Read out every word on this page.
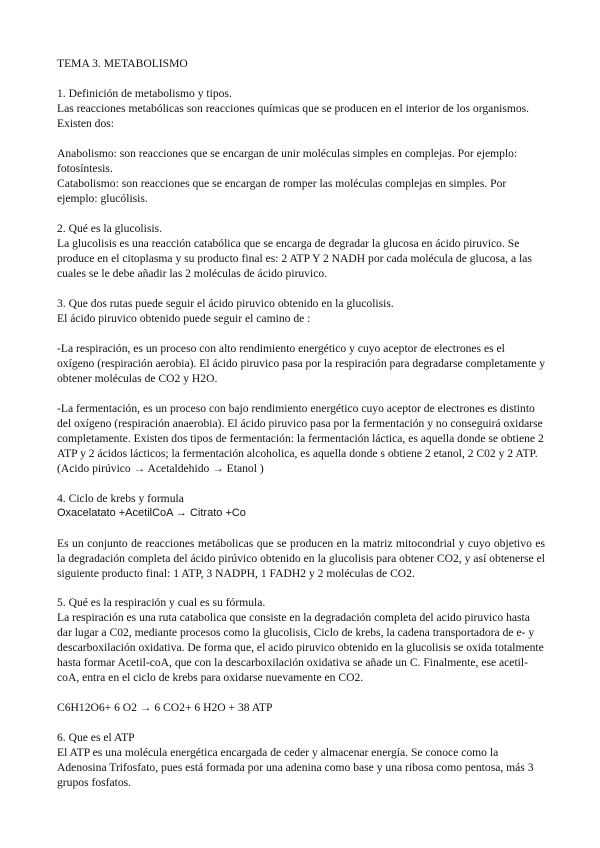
TEMA 3. METABOLISMO

1. Definición de metabolismo y tipos.

Las reacciones metabólicas son reacciones químicas que se producen en el interior de los organismos. Existen dos:

Anabolismo: son reacciones que se encargan de unir moléculas simples en complejas. Por ejemplo: fotosíntesis.

Catabolismo: son reacciones que se encargan de romper las moléculas complejas en simples. Por ejemplo: glucólisis.

2. Qué es la glucolisis.

La glucolisis es una reacción catabólica que se encarga de degradar la glucosa en ácido piruvico. Se produce en el citoplasma y su producto final es: 2 ATP Y 2 NADH por cada molécula de glucosa, a las cuales se le debe añadir las 2 moléculas de ácido piruvico.

3. Que dos rutas puede seguir el ácido piruvico obtenido en la glucolisis.

El ácido piruvico obtenido puede seguir el camino de :

-La respiración, es un proceso con alto rendimiento energético y cuyo aceptor de electrones es el oxígeno (respiración aerobia). El ácido piruvico pasa por la respiración para degradarse completamente y obtener moléculas de CO2 y H2O.

-La fermentación, es un proceso con bajo rendimiento energético cuyo aceptor de electrones es distinto del oxígeno (respiración anaerobia). El ácido piruvico pasa por la fermentación y no conseguirá oxidarse completamente. Existen dos tipos de fermentación: la fermentación láctica, es aquella donde se obtiene 2 ATP y 2 ácidos lácticos; la fermentación alcoholica, es aquella donde s obtiene 2 etanol, 2 C02 y 2 ATP. (Acido pirúvico → Acetaldehido → Etanol )

4. Ciclo de krebs y formula

Oxacelatato +AcetilCoA → Citrato +Co

Es un conjunto de reacciones metábolicas que se producen en la matriz mitocondrial y cuyo objetivo es la degradación completa del ácido pirúvico obtenido en la glucolisis para obtener CO2, y así obtenerse el siguiente producto final: 1 ATP, 3 NADPH, 1 FADH2 y 2 moléculas de CO2.

5. Qué es la respiración y cual es su fórmula.

La respiración es una ruta catabolica que consiste en la degradación completa del acido piruvico hasta dar lugar a C02, mediante procesos como la glucolisis, Ciclo de krebs, la cadena transportadora de e- y descarboxilación oxidativa. De forma que, el acido piruvico obtenido en la glucolisis se oxida totalmente hasta formar Acetil-coA, que con la descarboxilación oxidativa se añade un C. Finalmente, ese acetil-coA, entra en el ciclo de krebs para oxidarse nuevamente en CO2.

C6H12O6+ 6 O2 → 6 CO2+ 6 H2O + 38 ATP

6. Que es el ATP

El ATP es una molécula energética encargada de ceder y almacenar energía. Se conoce como la Adenosina Trifosfato, pues está formada por una adenina como base y una ribosa como pentosa, más 3 grupos fosfatos.
